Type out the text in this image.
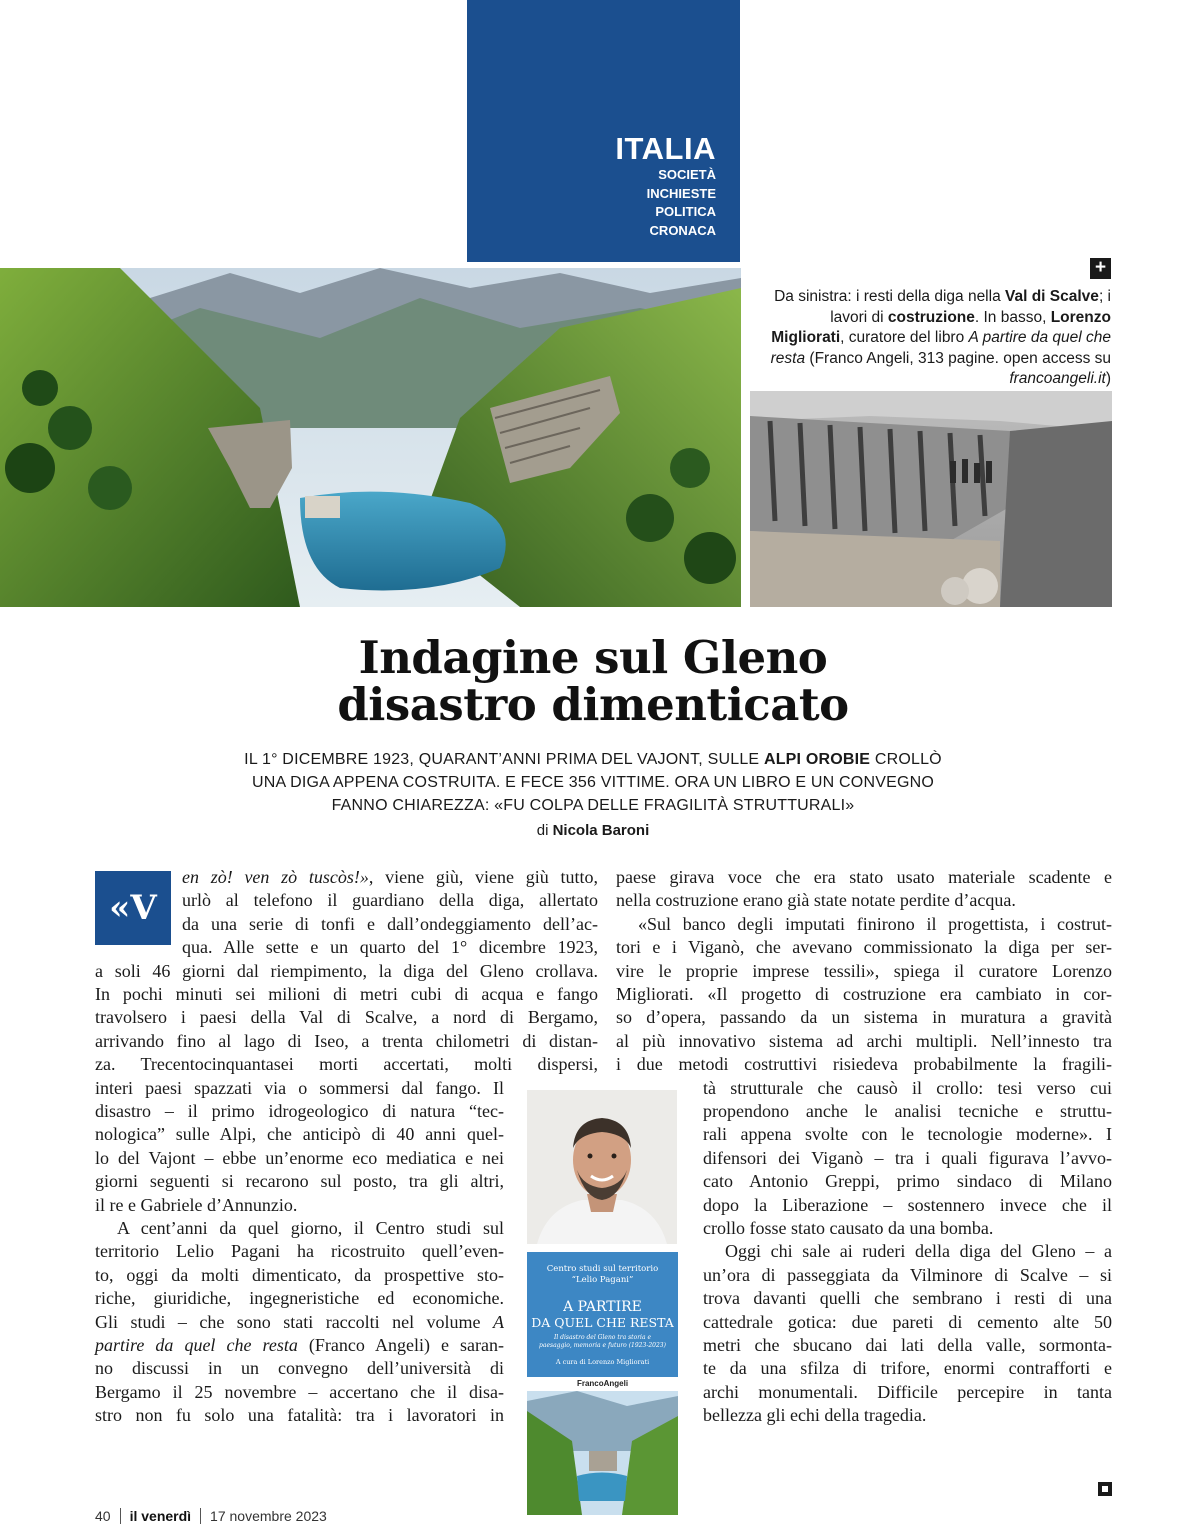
ITALIA
SOCIETÀ
INCHIESTE
POLITICA
CRONACA
+
Da sinistra: i resti della diga nella Val di Scalve; i lavori di costruzione. In basso, Lorenzo Migliorati, curatore del libro A partire da quel che resta (Franco Angeli, 313 pagine. open access su francoangeli.it)
Indagine sul Gleno
disastro dimenticato
IL 1° DICEMBRE 1923, QUARANT’ANNI PRIMA DEL VAJONT, SULLE ALPI OROBIE CROLLÒ UNA DIGA APPENA COSTRUITA. E FECE 356 VITTIME. ORA UN LIBRO E UN CONVEGNO FANNO CHIAREZZA: «FU COLPA DELLE FRAGILITÀ STRUTTURALI»
di Nicola Baroni
«V
en zò! ven zò tuscòs!», viene giù, viene giù tutto,
urlò al telefono il guardiano della diga, allertato
da una serie di tonfi e dall’ondeggiamento dell’ac-
qua. Alle sette e un quarto del 1° dicembre 1923,
a soli 46 giorni dal riempimento, la diga del Gleno crollava.
In pochi minuti sei milioni di metri cubi di acqua e fango
travolsero i paesi della Val di Scalve, a nord di Bergamo,
arrivando fino al lago di Iseo, a trenta chilometri di distan-
za. Trecentocinquantasei morti accertati, molti dispersi,
interi paesi spazzati via o sommersi dal fango. Il
disastro – il primo idrogeologico di natura “tec-
nologica” sulle Alpi, che anticipò di 40 anni quel-
lo del Vajont – ebbe un’enorme eco mediatica e nei
giorni seguenti si recarono sul posto, tra gli altri,
il re e Gabriele d’Annunzio.
A cent’anni da quel giorno, il Centro studi sul
territorio Lelio Pagani ha ricostruito quell’even-
to, oggi da molti dimenticato, da prospettive sto-
riche, giuridiche, ingegneristiche ed economiche.
Gli studi – che sono stati raccolti nel volume A
partire da quel che resta (Franco Angeli) e saran-
no discussi in un convegno dell’università di
Bergamo il 25 novembre – accertano che il disa-
stro non fu solo una fatalità: tra i lavoratori in
paese girava voce che era stato usato materiale scadente e
nella costruzione erano già state notate perdite d’acqua.
«Sul banco degli imputati finirono il progettista, i costrut-
tori e i Viganò, che avevano commissionato la diga per ser-
vire le proprie imprese tessili», spiega il curatore Lorenzo
Migliorati. «Il progetto di costruzione era cambiato in cor-
so d’opera, passando da un sistema in muratura a gravità
al più innovativo sistema ad archi multipli. Nell’innesto tra
i due metodi costruttivi risiedeva probabilmente la fragili-
tà strutturale che causò il crollo: tesi verso cui
propendono anche le analisi tecniche e struttu-
rali appena svolte con le tecnologie moderne». I
difensori dei Viganò – tra i quali figurava l’avvo-
cato Antonio Greppi, primo sindaco di Milano
dopo la Liberazione – sostennero invece che il
crollo fosse stato causato da una bomba.
Oggi chi sale ai ruderi della diga del Gleno – a
un’ora di passeggiata da Vilminore di Scalve – si
trova davanti quelli che sembrano i resti di una
cattedrale gotica: due pareti di cemento alte 50
metri che sbucano dai lati della valle, sormonta-
te da una sfilza di trifore, enormi contrafforti e
archi monumentali. Difficile percepire in tanta
bellezza gli echi della tragedia.
Centro studi sul territorio
“Lelio Pagani”
A PARTIRE
DA QUEL CHE RESTA
Il disastro del Gleno tra storia e paesaggio, memoria e futuro (1923-2023)
A cura di Lorenzo Migliorati
FrancoAngeli
40 il venerdì 17 novembre 2023
